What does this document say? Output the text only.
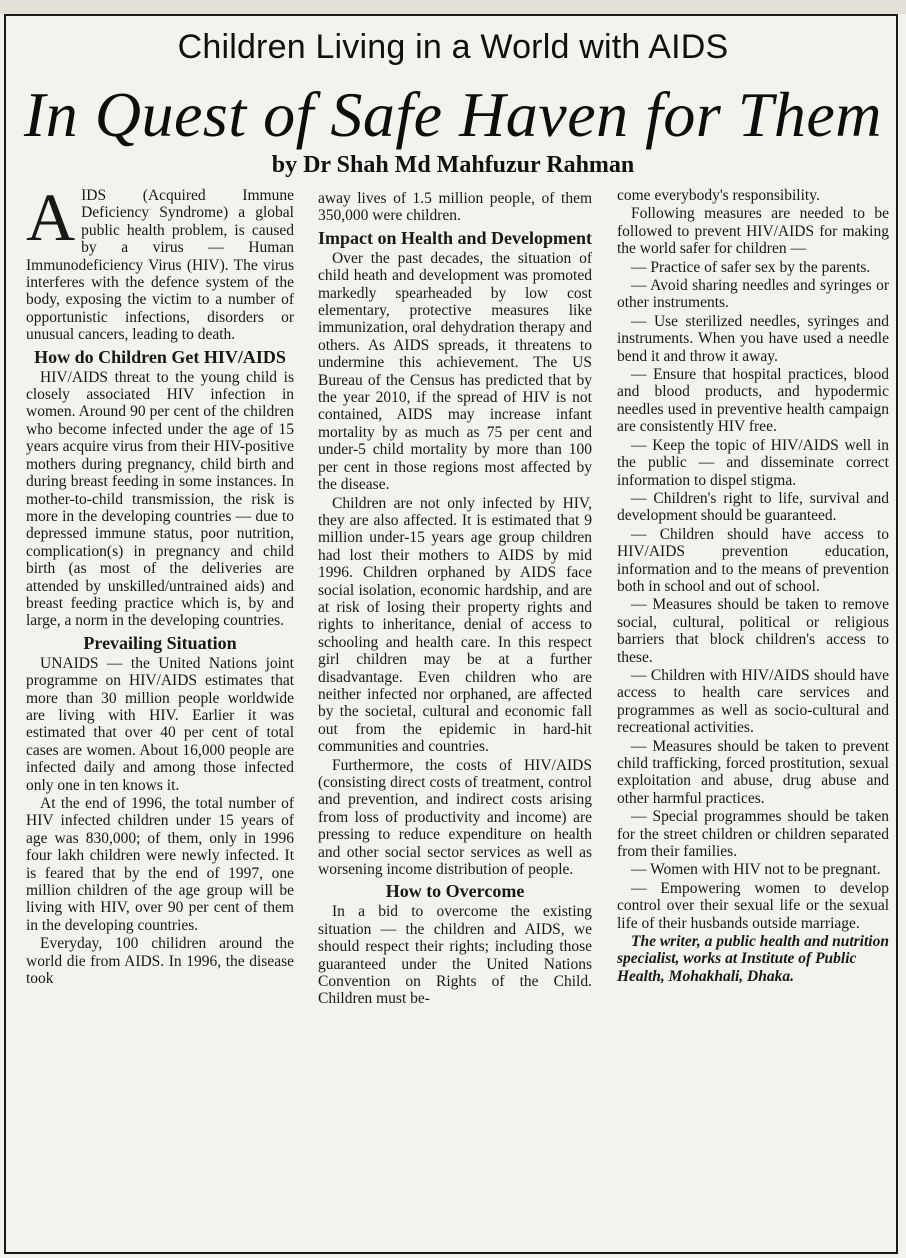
Children Living in a World with AIDS
In Quest of Safe Haven for Them
by Dr Shah Md Mahfuzur Rahman

AIDS (Acquired Immune Deficiency Syndrome) a global public health problem, is caused by a virus — Human Immunodeficiency Virus (HIV). The virus interferes with the defence system of the body, exposing the victim to a number of opportunistic infections, disorders or unusual cancers, leading to death.

How do Children Get HIV/AIDS

HIV/AIDS threat to the young child is closely associated HIV infection in women. Around 90 per cent of the children who become infected under the age of 15 years acquire virus from their HIV-positive mothers during pregnancy, child birth and during breast feeding in some instances. In mother-to-child transmission, the risk is more in the developing countries — due to depressed immune status, poor nutrition, complication(s) in pregnancy and child birth (as most of the deliveries are attended by unskilled/untrained aids) and breast feeding practice which is, by and large, a norm in the developing countries.

Prevailing Situation

UNAIDS — the United Nations joint programme on HIV/AIDS estimates that more than 30 million people worldwide are living with HIV. Earlier it was estimated that over 40 per cent of total cases are women. About 16,000 people are infected daily and among those infected only one in ten knows it.

At the end of 1996, the total number of HIV infected children under 15 years of age was 830,000; of them, only in 1996 four lakh children were newly infected. It is feared that by the end of 1997, one million children of the age group will be living with HIV, over 90 per cent of them in the developing countries.

Everyday, 100 chilidren around the world die from AIDS. In 1996, the disease took

away lives of 1.5 million people, of them 350,000 were children.

Impact on Health and Development

Over the past decades, the situation of child heath and development was promoted markedly spearheaded by low cost elementary, protective measures like immunization, oral dehydration therapy and others. As AIDS spreads, it threatens to undermine this achievement. The US Bureau of the Census has predicted that by the year 2010, if the spread of HIV is not contained, AIDS may increase infant mortality by as much as 75 per cent and under-5 child mortality by more than 100 per cent in those regions most affected by the disease.

Children are not only infected by HIV, they are also affected. It is estimated that 9 million under-15 years age group children had lost their mothers to AIDS by mid 1996. Children orphaned by AIDS face social isolation, economic hardship, and are at risk of losing their property rights and rights to inheritance, denial of access to schooling and health care. In this respect girl children may be at a further disadvantage. Even children who are neither infected nor orphaned, are affected by the societal, cultural and economic fall out from the epidemic in hard-hit communities and countries.

Furthermore, the costs of HIV/AIDS (consisting direct costs of treatment, control and prevention, and indirect costs arising from loss of productivity and income) are pressing to reduce expenditure on health and other social sector services as well as worsening income distribution of people.

How to Overcome

In a bid to overcome the existing situation — the children and AIDS, we should respect their rights; including those guaranteed under the United Nations Convention on Rights of the Child. Children must be-

come everybody's responsibility.

Following measures are needed to be followed to prevent HIV/AIDS for making the world safer for children —

— Practice of safer sex by the parents.

— Avoid sharing needles and syringes or other instruments.

— Use sterilized needles, syringes and instruments. When you have used a needle bend it and throw it away.

— Ensure that hospital practices, blood and blood products, and hypodermic needles used in preventive health campaign are consistently HIV free.

— Keep the topic of HIV/AIDS well in the public — and disseminate correct information to dispel stigma.

— Children's right to life, survival and development should be guaranteed.

— Children should have access to HIV/AIDS prevention education, information and to the means of prevention both in school and out of school.

— Measures should be taken to remove social, cultural, political or religious barriers that block children's access to these.

— Children with HIV/AIDS should have access to health care services and programmes as well as socio-cultural and recreational activities.

— Measures should be taken to prevent child trafficking, forced prostitution, sexual exploitation and abuse, drug abuse and other harmful practices.

— Special programmes should be taken for the street children or children separated from their families.

— Women with HIV not to be pregnant.

— Empowering women to develop control over their sexual life or the sexual life of their husbands outside marriage.

The writer, a public health and nutrition specialist, works at Institute of Public Health, Mohakhali, Dhaka.
